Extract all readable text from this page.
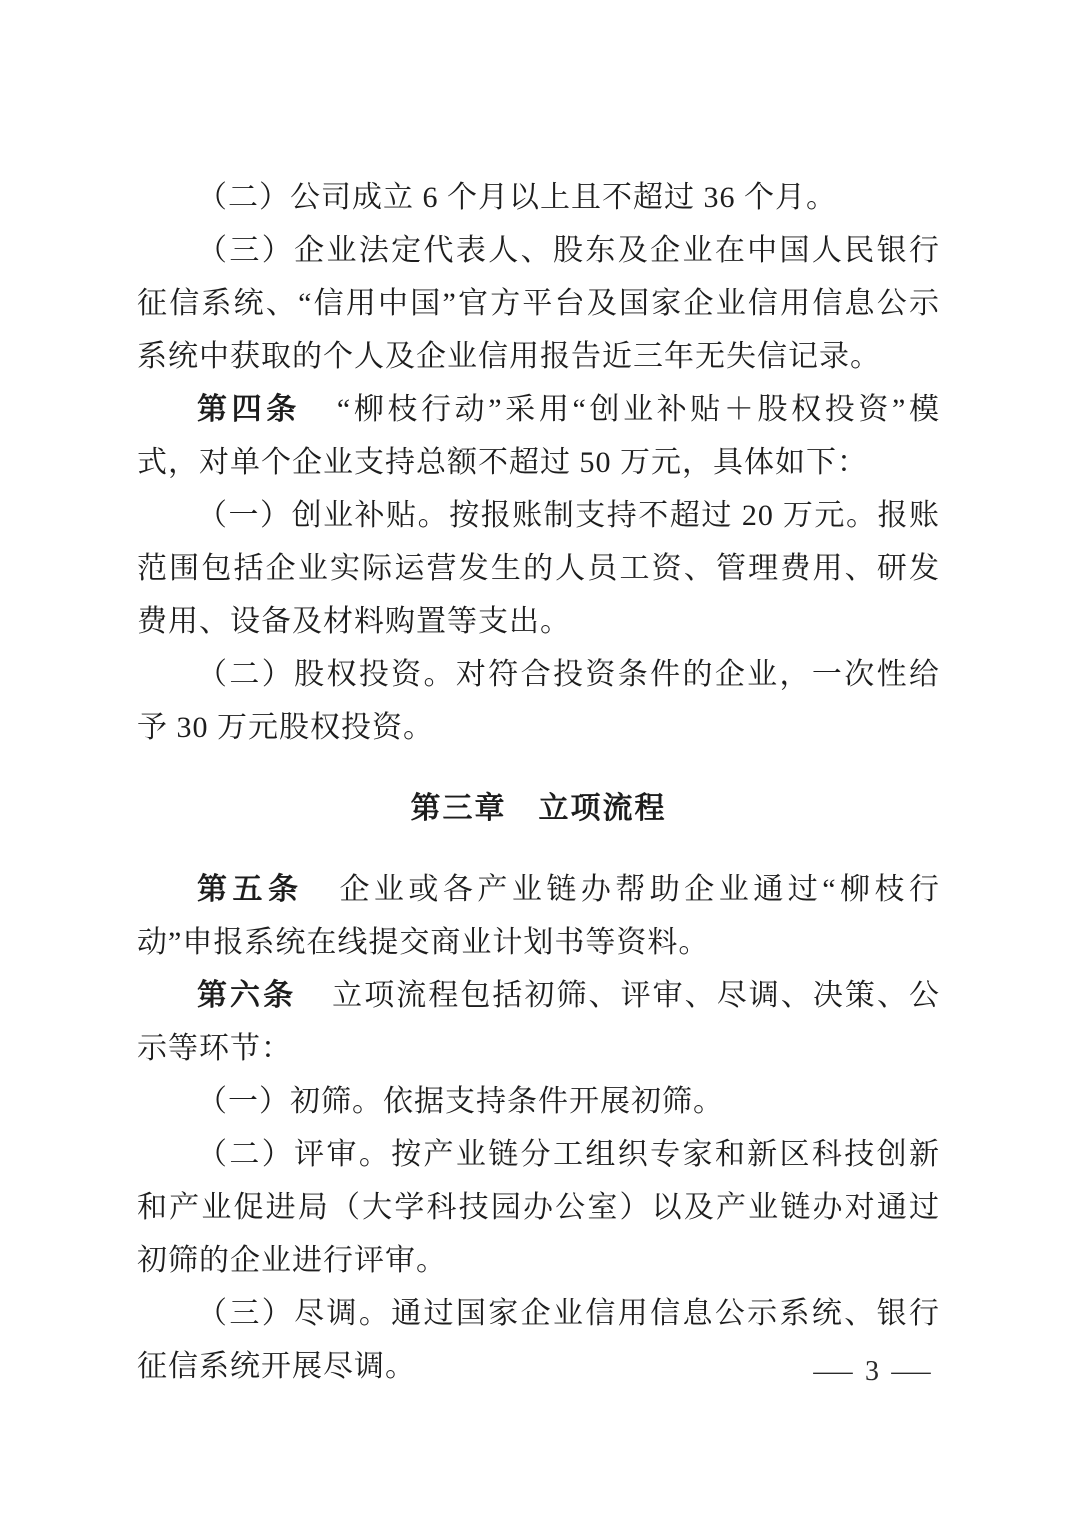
（二）公司成立 6 个月以上且不超过 36 个月。

（三）企业法定代表人、股东及企业在中国人民银行征信系统、“信用中国”官方平台及国家企业信用信息公示系统中获取的个人及企业信用报告近三年无失信记录。

第四条 “柳枝行动”采用“创业补贴＋股权投资”模式，对单个企业支持总额不超过 50 万元，具体如下：

（一）创业补贴。按报账制支持不超过 20 万元。报账范围包括企业实际运营发生的人员工资、管理费用、研发费用、设备及材料购置等支出。

（二）股权投资。对符合投资条件的企业，一次性给予 30 万元股权投资。

第三章　立项流程

第五条 企业或各产业链办帮助企业通过“柳枝行动”申报系统在线提交商业计划书等资料。

第六条 立项流程包括初筛、评审、尽调、决策、公示等环节：

（一）初筛。依据支持条件开展初筛。

（二）评审。按产业链分工组织专家和新区科技创新和产业促进局（大学科技园办公室）以及产业链办对通过初筛的企业进行评审。

（三）尽调。通过国家企业信用信息公示系统、银行征信系统开展尽调。	— 3 —
